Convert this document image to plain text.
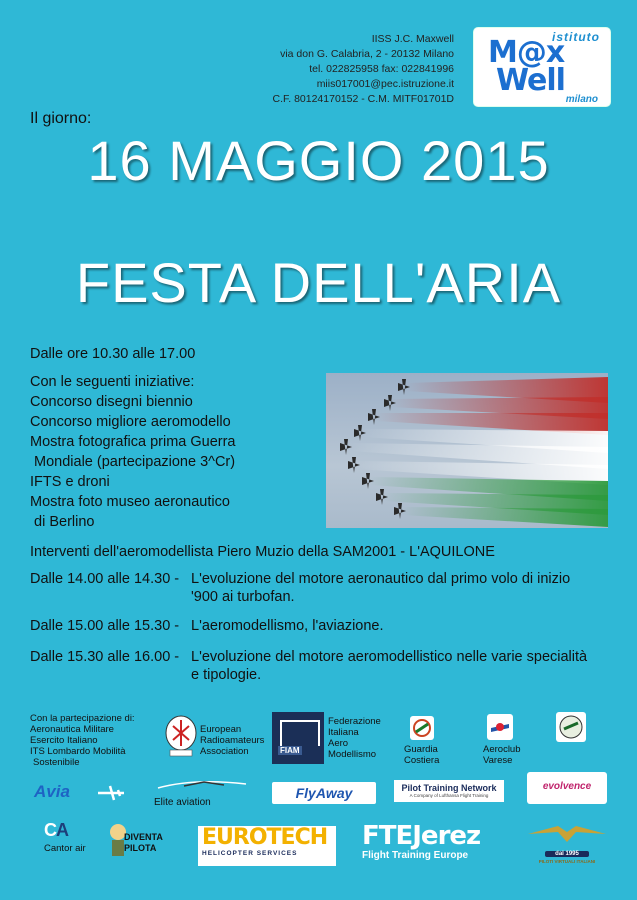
IISS J.C. Maxwell
via don G. Calabria, 2 - 20132 Milano
tel. 022825958 fax: 022841996
miis017001@pec.istruzione.it
C.F. 80124170152 - C.M. MITF01701D
istituto
M@x
Well
milano
Il giorno:
16 MAGGIO 2015
FESTA DELL'ARIA
Dalle ore 10.30 alle 17.00
Con le seguenti iniziative:
Concorso disegni biennio
Concorso migliore aeromodello
Mostra fotografica prima Guerra
Mondiale (partecipazione 3^Cr)
IFTS e droni
Mostra foto museo aeronautico
di Berlino
Interventi dell'aeromodellista Piero Muzio della SAM2001 - L'AQUILONE
Dalle 14.00 alle 14.30 - L'evoluzione del motore aeronautico dal primo volo di inizio '900 ai turbofan.
Dalle 15.00 alle 15.30 - L'aeromodellismo, l'aviazione.
Dalle 15.30 alle 16.00 - L'evoluzione del motore aeromodellistico nelle varie specialità e tipologie.
Con la partecipazione di:
Aeronautica Militare
Esercito Italiano
ITS Lombardo Mobilità
Sostenibile
European
Radioamateurs
Association	FIAM
Federazione
Italiana
Aero
Modellismo	Guardia
Costiera
Aeroclub
Varese
Avia
Elite aviation
FlyAway	Pilot Training Network
A Company of Lufthansa Flight Training
evolvence
CA
Cantor air
DIVENTA
PILOTA EUROTECH
HELICOPTER SERVICES
FTEJerez
Flight Training Europe	dal 1995
PILOTI VIRTUALI ITALIANI
